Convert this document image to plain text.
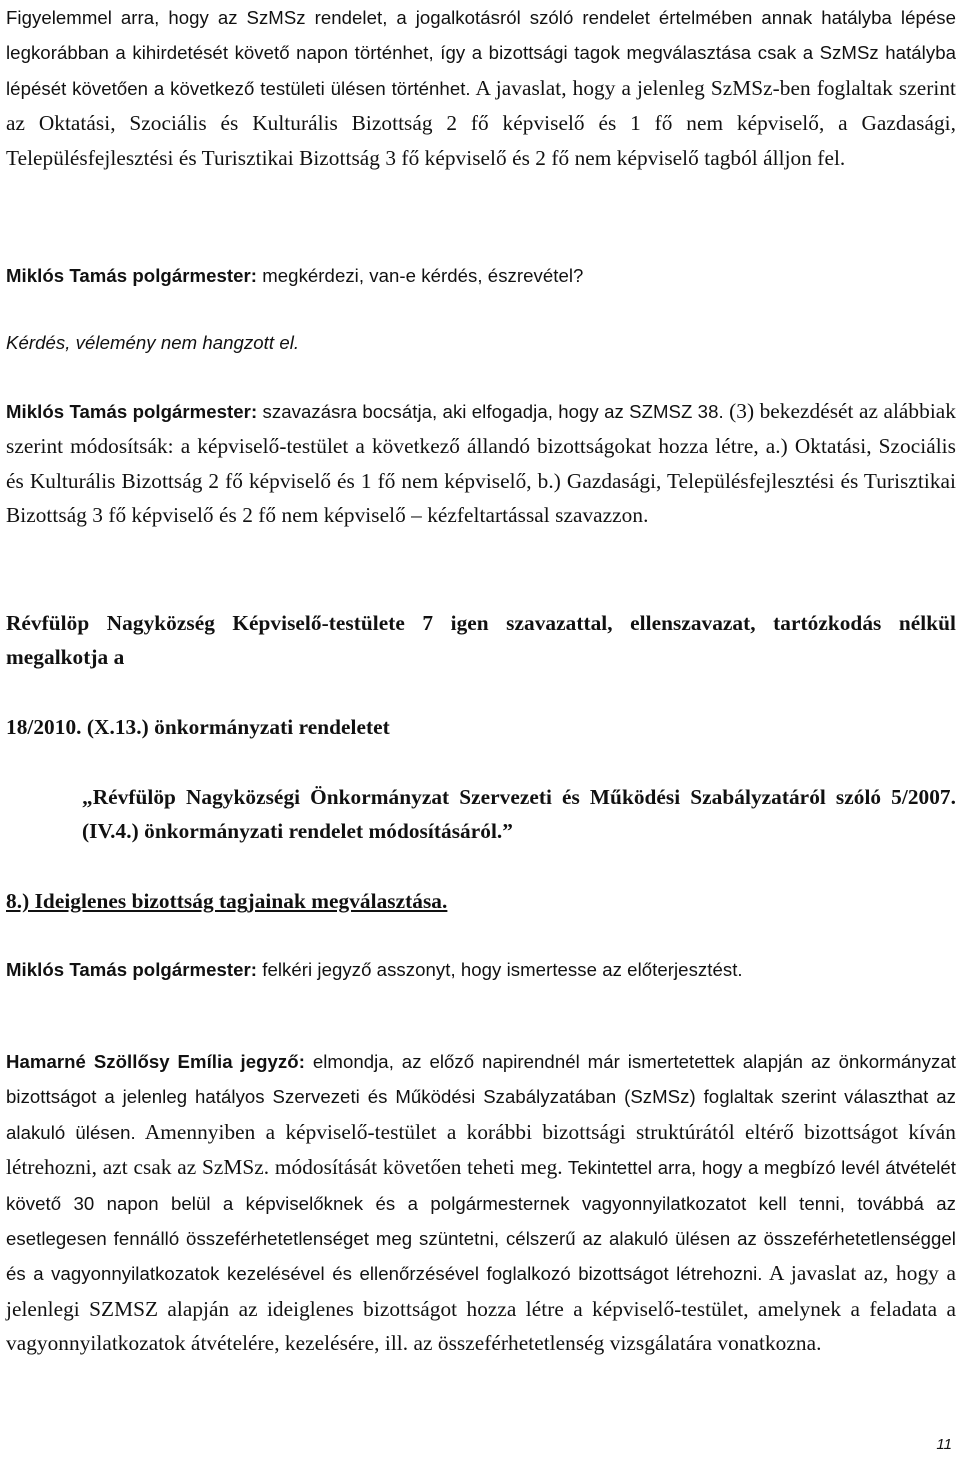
Figyelemmel arra, hogy az SzMSz rendelet, a jogalkotásról szóló rendelet értelmében annak hatályba lépése legkorábban a kihirdetését követő napon történhet, így a bizottsági tagok megválasztása csak a SzMSz hatályba lépését követően a következő testületi ülésen történhet. A javaslat, hogy a jelenleg SzMSz-ben foglaltak szerint az Oktatási, Szociális és Kulturális Bizottság 2 fő képviselő és 1 fő nem képviselő, a Gazdasági, Településfejlesztési és Turisztikai Bizottság 3 fő képviselő és 2 fő nem képviselő tagból álljon fel.

Miklós Tamás polgármester: megkérdezi, van-e kérdés, észrevétel?

Kérdés, vélemény nem hangzott el.

Miklós Tamás polgármester: szavazásra bocsátja, aki elfogadja, hogy az SZMSZ 38. (3) bekezdését az alábbiak szerint módosítsák: a képviselő-testület a következő állandó bizottságokat hozza létre, a.) Oktatási, Szociális és Kulturális Bizottság 2 fő képviselő és 1 fő nem képviselő, b.) Gazdasági, Településfejlesztési és Turisztikai Bizottság 3 fő képviselő és 2 fő nem képviselő – kézfeltartással szavazzon.

Révfülöp Nagyközség Képviselő-testülete 7 igen szavazattal, ellenszavazat, tartózkodás nélkül megalkotja a

18/2010. (X.13.) önkormányzati rendeletet

„Révfülöp Nagyközségi Önkormányzat Szervezeti és Működési Szabályzatáról szóló 5/2007. (IV.4.) önkormányzati rendelet módosításáról.”

8.) Ideiglenes bizottság tagjainak megválasztása.

Miklós Tamás polgármester: felkéri jegyző asszonyt, hogy ismertesse az előterjesztést.

Hamarné Szöllősy Emília jegyző: elmondja, az előző napirendnél már ismertetettek alapján az önkormányzat bizottságot a jelenleg hatályos Szervezeti és Működési Szabályzatában (SzMSz) foglaltak szerint választhat az alakuló ülésen. Amennyiben a képviselő-testület a korábbi bizottsági struktúrától eltérő bizottságot kíván létrehozni, azt csak az SzMSz. módosítását követően teheti meg. Tekintettel arra, hogy a megbízó levél átvételét követő 30 napon belül a képviselőknek és a polgármesternek vagyonnyilatkozatot kell tenni, továbbá az esetlegesen fennálló összeférhetetlenséget meg szüntetni, célszerű az alakuló ülésen az összeférhetetlenséggel és a vagyonnyilatkozatok kezelésével és ellenőrzésével foglalkozó bizottságot létrehozni. A javaslat az, hogy a jelenlegi SZMSZ alapján az ideiglenes bizottságot hozza létre a képviselő-testület, amelynek a feladata a vagyonnyilatkozatok átvételére, kezelésére, ill. az összeférhetetlenség vizsgálatára vonatkozna.

11
